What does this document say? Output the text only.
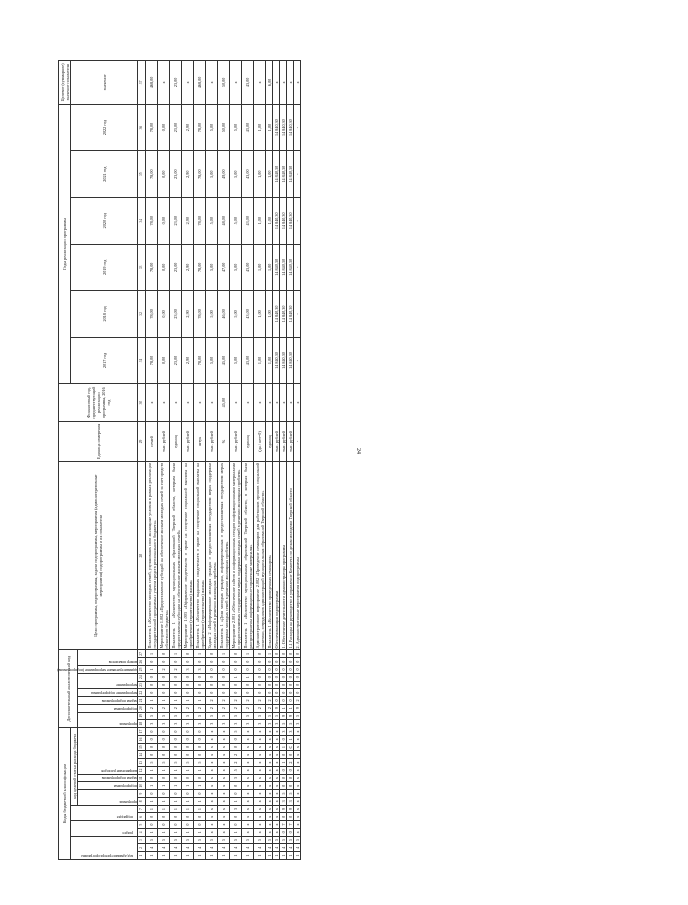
24
Коды бюджетной классификации																	Дополнительный аналитический код										Цели программы, подпрограммы, задачи подпрограммы, мероприятия (административные мероприятия) подпрограммы и их показатели	Единица измерения	Финансовый год, предшествующий реализации программы, 2016 год	Годы реализации программы						Целевое (суммарное) значение показателя

код администратора программы			раздел		подраздел		код целевой статьи расхода бюджета																							2017 год	2018 год	2019 год	2020 год	2021 год	2022 год	значение

							программа		подпрограмма	задача подпрограммы	направление расходов						программа		подпрограмма	задача подпрограммы	мероприятие подпрограммы	мероприятие		административное мероприятие (подпрограммы)	номер показателя											

1	2	3	4	5	6	7	8	9	10	11	12	13	14	15	16	17	18	19	20	21	22	23	24	25	26	27	28	29	30	31	32	33	34	35	36	37
1	4	5	1	0	0	1	1	0	1	0	1	5	0	0	0	0	3	5	2	1	0	0	0	1	0	1	Показатель 1 «Количество молодых семей, улучшивших свои жилищные условия в рамках реализации государственной программы с учетом средств регионального бюджета»	семей	х	78,00	78,00	78,00	78,00	78,00	78,00	468,00
1	4	5	1	0	0	1	1	0	1	0	1	5	0	0	0	0	3	5	2	1	0	0	0	2	0	0	Мероприятие 1.002 «Предоставление субсидий на обеспечение жильем молодых семей за счет средств областного бюджета»	тыс. рублей	х	0,00	0,00	0,00	0,00	0,00	0,00	х
1	4	5	1	0	0	1	1	0	1	0	1	5	0	0	0	0	3	5	2	1	0	0	0	2	0	1	Показатель 1 «Количество муниципальных образований Тверской области, которым были предоставлены субсидии на обеспечение жильем молодых семей»	единиц	х	23,00	23,00	23,00	23,00	23,00	23,00	23,00
1	4	5	1	0	0	1	1	0	1	0	1	5	0	0	0	0	3	5	2	1	0	0	0	3	0	0	Мероприятие 1.003 «Оформление свидетельств о праве на получение социальной выплаты на приобретение (строительство) жилья»	тыс. рублей	х	2,90	2,90	2,90	2,90	2,90	2,90	х
1	4	5	1	0	0	1	1	0	1	0	1	5	0	0	0	0	3	5	2	1	0	0	0	3	0	1	Показатель 1 «Количество выданных свидетельств о праве на получение социальной выплаты на приобретение (строительство) жилья»	штук	х	78,00	78,00	78,00	78,00	78,00	78,00	468,00
1	4	5	х	х	х	х	х	х	х	х	х	х	х	х	х	х	3	5	2	2	0	0	0	0	0	0	Задача 2 «Информирование молодых граждан о предоставляемых государством мерах поддержки молодых семей в решении жилищных проблем»	тыс. рублей	х	5,00	5,00	5,00	5,00	5,00	5,00	х
1	4	5	х	х	х	х	х	х	х	х	х	х	х	х	х	х	3	5	2	2	0	0	0	0	0	1	Показатель 1 «Доля молодых граждан, информированных о предоставляемых государством мерах поддержки молодых семей в решении жилищных проблем»	%	45,00	45,00	46,00	47,00	48,00	49,00	50,00	50,00
1	4	5	1	0	0	3	1	0	0	3	5	2	2	0	0	5	3	5	2	2	0	0	1	0	0	0	Мероприятие 2.001 «Обеспечение сайтов и информационных стендов информационными материалами о предоставляемых государством мерах поддержки молодых семей в решении жилищных проблем»	тыс. рублей	х	5,00	5,00	5,00	5,00	5,00	5,00	х
1	4	5	х	х	х	х	х	х	х	х	х	х	х	х	х	х	3	5	2	2	0	0	1	0	0	1	Показатель 1 «Количество муниципальных образований Тверской области, в которых были распространены информационно-справочные материалы»	единиц	х	43,00	43,00	43,00	43,00	43,00	43,00	43,00
1	4	5	х	х	х	х	х	х	х	х	х	х	х	х	х	х	3	5	2	2	0	0	0	0	0	0	Административное мероприятие 2.002 «Проведение семинаров для работников органов социальной политики, сотрудников администраций муниципальных образований Тверской области»	(да / нет=0)	х	1,00	1,00	1,00	1,00	1,00	1,00	х
1	4	5	х	х	х	х	х	х	х	х	х	х	х	х	х	х	3	5	2	2	0	0	0	0	0	1	Показатель 1 «Количество проведенных семинаров»	единиц	х	1,00	1,00	1,00	1,00	1,00	1,00	6,00
1	4	5	х	х	х	х	х	х	х	х	х	х	х	х	х	х	3	5	9	0	0	0	0	0	0	0	Обеспечивающая подпрограмма	тыс. рублей	х	14 840,30	14 840,30	14 840,30	14 840,30	14 840,30	14 840,30	х
1	4	5	0	7	0	9	3	5	0	0	0	1	0	1	0	3	5	9	1	0	0	0	0	0	0	0	1. Обеспечение деятельности администратора программы	тыс. рублей	х	14 840,30	14 840,30	14 840,30	14 840,30	14 840,30	14 840,30	х
1	4	5	0	7	0	9	3	5	0	0	0	2	0	С	1	3	5	9	1	0	0	0	0	0	0	0	1.1 Расходы на руководство и управление Комитета по делам молодежи Тверской области	тыс. рублей	х	14 840,30	14 840,30	14 840,30	14 840,30	14 840,30	14 840,30	х
1	4	5	х	х	х	х	х	х	х	х	х	х	х	х	х	х	3	5	9	2	0	0	0	0	0	0	2. Административные мероприятия подпрограммы	-	х	-	-	-	-	-	-	х
